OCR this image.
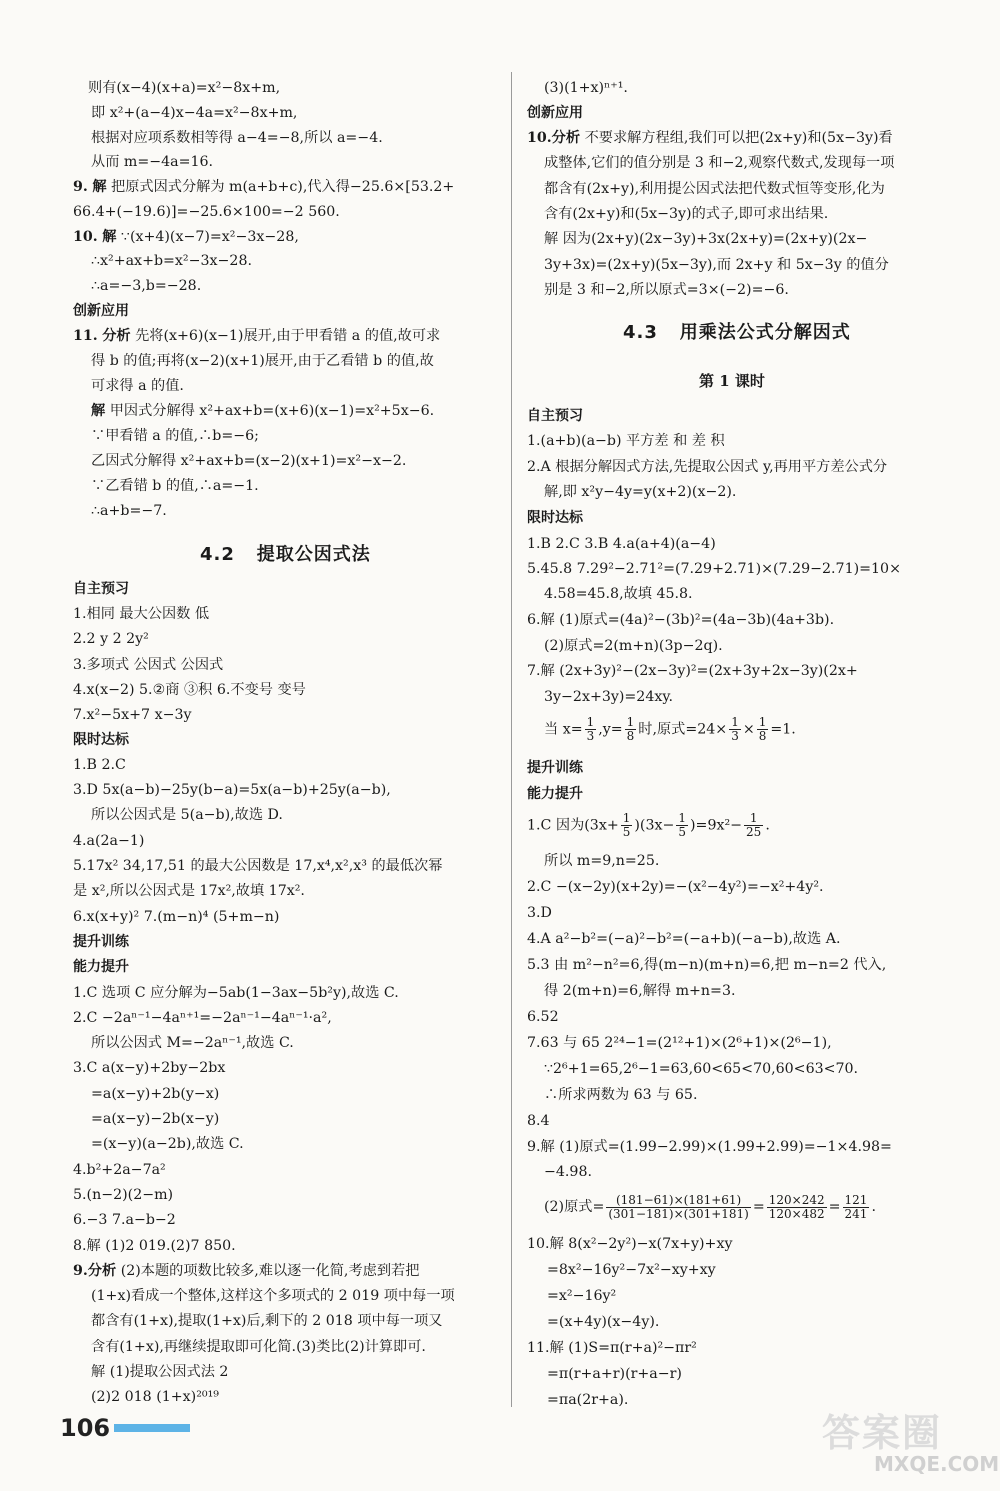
则有(x−4)(x+a)=x²−8x+m,
即 x²+(a−4)x−4a=x²−8x+m,
根据对应项系数相等得 a−4=−8,所以 a=−4.
从而 m=−4a=16.
9. 解 把原式因式分解为 m(a+b+c),代入得−25.6×[53.2+
66.4+(−19.6)]=−25.6×100=−2 560.
10. 解 ∵(x+4)(x−7)=x²−3x−28,
∴x²+ax+b=x²−3x−28.
∴a=−3,b=−28.
创新应用
11. 分析 先将(x+6)(x−1)展开,由于甲看错 a 的值,故可求
得 b 的值;再将(x−2)(x+1)展开,由于乙看错 b 的值,故
可求得 a 的值.
解 甲因式分解得 x²+ax+b=(x+6)(x−1)=x²+5x−6.
∵甲看错 a 的值,∴b=−6;
乙因式分解得 x²+ax+b=(x−2)(x+1)=x²−x−2.
∵乙看错 b 的值,∴a=−1.
∴a+b=−7.
4.2 提取公因式法
自主预习
1.相同 最大公因数 低
2.2 y 2 2y²
3.多项式 公因式 公因式
4.x(x−2) 5.②商 ③积 6.不变号 变号
7.x²−5x+7 x−3y
限时达标
1.B 2.C
3.D 5x(a−b)−25y(b−a)=5x(a−b)+25y(a−b),
所以公因式是 5(a−b),故选 D.
4.a(2a−1)
5.17x² 34,17,51 的最大公因数是 17,x⁴,x²,x³ 的最低次幂
是 x²,所以公因式是 17x²,故填 17x².
6.x(x+y)² 7.(m−n)⁴ (5+m−n)
提升训练
能力提升
1.C 选项 C 应分解为−5ab(1−3ax−5b²y),故选 C.
2.C −2aⁿ⁻¹−4aⁿ⁺¹=−2aⁿ⁻¹−4aⁿ⁻¹·a²,
所以公因式 M=−2aⁿ⁻¹,故选 C.
3.C a(x−y)+2by−2bx
=a(x−y)+2b(y−x)
=a(x−y)−2b(x−y)
=(x−y)(a−2b),故选 C.
4.b²+2a−7a²
5.(n−2)(2−m)
6.−3 7.a−b−2
8.解 (1)2 019.(2)7 850.
9.分析 (2)本题的项数比较多,难以逐一化简,考虑到若把
(1+x)看成一个整体,这样这个多项式的 2 019 项中每一项
都含有(1+x),提取(1+x)后,剩下的 2 018 项中每一项又
含有(1+x),再继续提取即可化简.(3)类比(2)计算即可.
解 (1)提取公因式法 2
(2)2 018 (1+x)²⁰¹⁹
(3)(1+x)ⁿ⁺¹.
创新应用
10.分析 不要求解方程组,我们可以把(2x+y)和(5x−3y)看
成整体,它们的值分别是 3 和−2,观察代数式,发现每一项
都含有(2x+y),利用提公因式法把代数式恒等变形,化为
含有(2x+y)和(5x−3y)的式子,即可求出结果.
解 因为(2x+y)(2x−3y)+3x(2x+y)=(2x+y)(2x−
3y+3x)=(2x+y)(5x−3y),而 2x+y 和 5x−3y 的值分
别是 3 和−2,所以原式=3×(−2)=−6.
4.3 用乘法公式分解因式
第 1 课时
自主预习
1.(a+b)(a−b) 平方差 和 差 积
2.A 根据分解因式方法,先提取公因式 y,再用平方差公式分
解,即 x²y−4y=y(x+2)(x−2).
限时达标
1.B 2.C 3.B 4.a(a+4)(a−4)
5.45.8 7.29²−2.71²=(7.29+2.71)×(7.29−2.71)=10×
4.58=45.8,故填 45.8.
6.解 (1)原式=(4a)²−(3b)²=(4a−3b)(4a+3b).
(2)原式=2(m+n)(3p−2q).
7.解 (2x+3y)²−(2x−3y)²=(2x+3y+2x−3y)(2x+
3y−2x+3y)=24xy.
当 $x= \frac{1}{3} ,y= \frac{1}{8}$ 时,原式$=24\times \frac{1}{3} \times \frac{1}{8} =1$.
提升训练
能力提升
1.C 因为$(3x+ \frac{1}{5} )(3x- \frac{1}{5} )=9x^2- \frac{1}{25}$ .
所以 m=9,n=25.
2.C −(x−2y)(x+2y)=−(x²−4y²)=−x²+4y².
3.D
4.A a²−b²=(−a)²−b²=(−a+b)(−a−b),故选 A.
5.3 由 m²−n²=6,得(m−n)(m+n)=6,把 m−n=2 代入,
得 2(m+n)=6,解得 m+n=3.
6.52
7.63 与 65 2²⁴−1=(2¹²+1)×(2⁶+1)×(2⁶−1),
∵2⁶+1=65,2⁶−1=63,60<65<70,60<63<70.
∴所求两数为 63 与 65.
8.4
9.解 (1)原式=(1.99−2.99)×(1.99+2.99)=−1×4.98=
−4.98.
(2)原式= $\frac{(181-61)\times(181+61)}{(301-181)\times(301+181)} = \frac{120\times 242}{120\times 482} = \frac{121}{241}$ .
10.解 8(x²−2y²)−x(7x+y)+xy
=8x²−16y²−7x²−xy+xy
=x²−16y²
=(x+4y)(x−4y).
11.解 (1)S=π(r+a)²−πr²
=π(r+a+r)(r+a−r)
=πa(2r+a).
106	答案圈
MXQE.COM
